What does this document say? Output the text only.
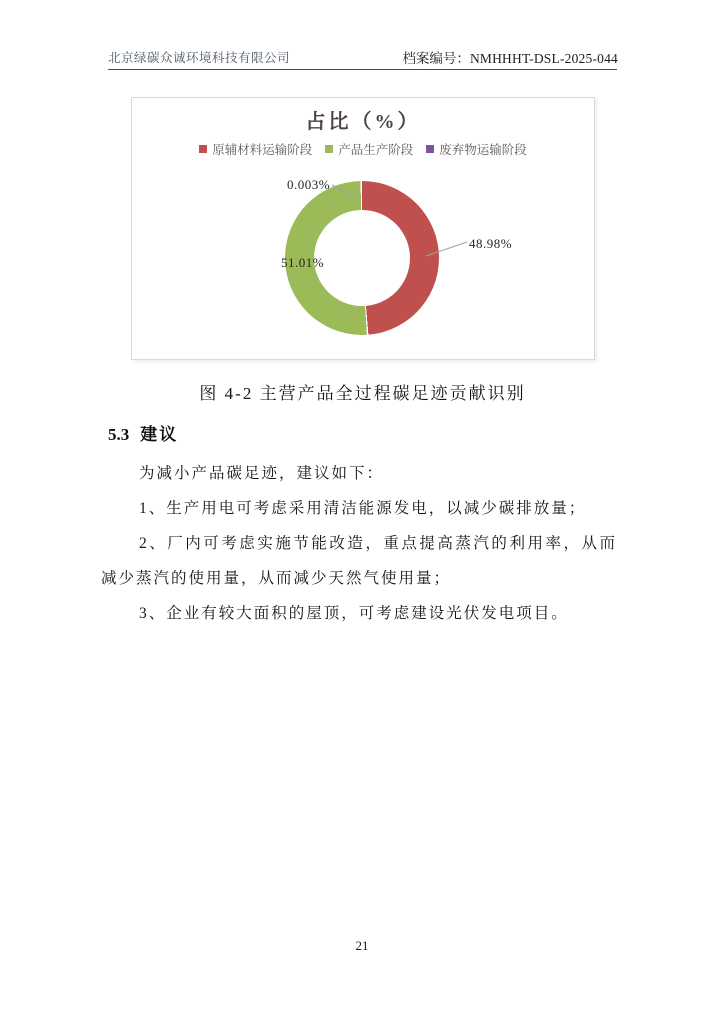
北京绿碳众诚环境科技有限公司	档案编号：NMHHHT-DSL-2025-044
占比（%）
原辅材料运输阶段 产品生产阶段 废弃物运输阶段
0.003%
48.98%
51.01%
图 4-2 主营产品全过程碳足迹贡献识别
5.3 建议

为减小产品碳足迹，建议如下：

1、生产用电可考虑采用清洁能源发电，以减少碳排放量；

2、厂内可考虑实施节能改造，重点提高蒸汽的利用率，从而减少蒸汽的使用量，从而减少天然气使用量；

3、企业有较大面积的屋顶，可考虑建设光伏发电项目。

21
